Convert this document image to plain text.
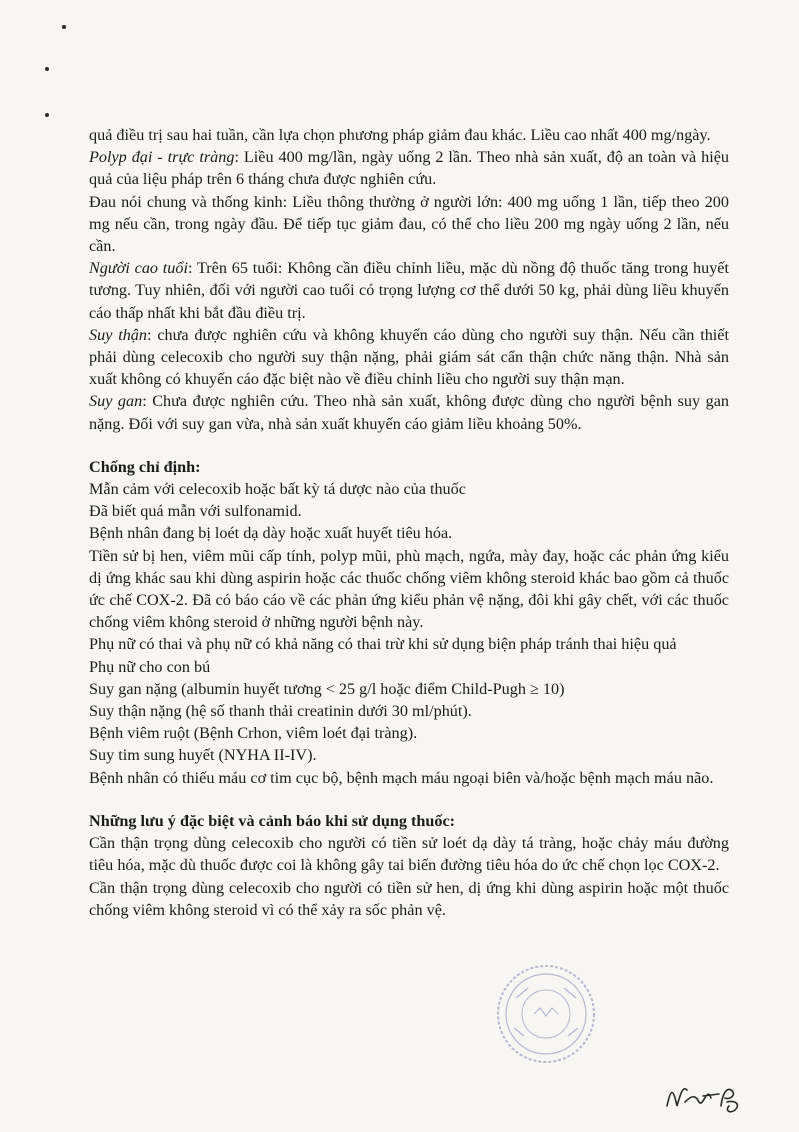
quả điều trị sau hai tuần, cần lựa chọn phương pháp giảm đau khác. Liều cao nhất 400 mg/ngày.

Polyp đại - trực tràng: Liều 400 mg/lần, ngày uống 2 lần. Theo nhà sản xuất, độ an toàn và hiệu quả của liệu pháp trên 6 tháng chưa được nghiên cứu.

Đau nói chung và thống kinh: Liều thông thường ở người lớn: 400 mg uống 1 lần, tiếp theo 200 mg nếu cần, trong ngày đầu. Để tiếp tục giảm đau, có thể cho liều 200 mg ngày uống 2 lần, nếu cần.

Người cao tuổi: Trên 65 tuổi: Không cần điều chỉnh liều, mặc dù nồng độ thuốc tăng trong huyết tương. Tuy nhiên, đối với người cao tuổi có trọng lượng cơ thể dưới 50 kg, phải dùng liều khuyến cáo thấp nhất khi bắt đầu điều trị.

Suy thận: chưa được nghiên cứu và không khuyến cáo dùng cho người suy thận. Nếu cần thiết phải dùng celecoxib cho người suy thận nặng, phải giám sát cẩn thận chức năng thận. Nhà sản xuất không có khuyến cáo đặc biệt nào về điều chỉnh liều cho người suy thận mạn.

Suy gan: Chưa được nghiên cứu. Theo nhà sản xuất, không được dùng cho người bệnh suy gan nặng. Đối với suy gan vừa, nhà sản xuất khuyến cáo giảm liều khoảng 50%.

Chống chỉ định:

Mẫn cảm với celecoxib hoặc bất kỳ tá dược nào của thuốc

Đã biết quá mẫn với sulfonamid.

Bệnh nhân đang bị loét dạ dày hoặc xuất huyết tiêu hóa.

Tiền sử bị hen, viêm mũi cấp tính, polyp mũi, phù mạch, ngứa, mày đay, hoặc các phản ứng kiểu dị ứng khác sau khi dùng aspirin hoặc các thuốc chống viêm không steroid khác bao gồm cả thuốc ức chế COX-2. Đã có báo cáo về các phản ứng kiểu phản vệ nặng, đôi khi gây chết, với các thuốc chống viêm không steroid ở những người bệnh này.

Phụ nữ có thai và phụ nữ có khả năng có thai trừ khi sử dụng biện pháp tránh thai hiệu quả

Phụ nữ cho con bú

Suy gan nặng (albumin huyết tương < 25 g/l hoặc điểm Child-Pugh ≥ 10)

Suy thận nặng (hệ số thanh thải creatinin dưới 30 ml/phút).

Bệnh viêm ruột (Bệnh Crhon, viêm loét đại tràng).

Suy tim sung huyết (NYHA II-IV).

Bệnh nhân có thiếu máu cơ tim cục bộ, bệnh mạch máu ngoại biên và/hoặc bệnh mạch máu não.

Những lưu ý đặc biệt và cảnh báo khi sử dụng thuốc:

Cần thận trọng dùng celecoxib cho người có tiền sử loét dạ dày tá tràng, hoặc chảy máu đường tiêu hóa, mặc dù thuốc được coi là không gây tai biến đường tiêu hóa do ức chế chọn lọc COX-2.

Cần thận trọng dùng celecoxib cho người có tiền sử hen, dị ứng khi dùng aspirin hoặc một thuốc chống viêm không steroid vì có thể xảy ra sốc phản vệ.
